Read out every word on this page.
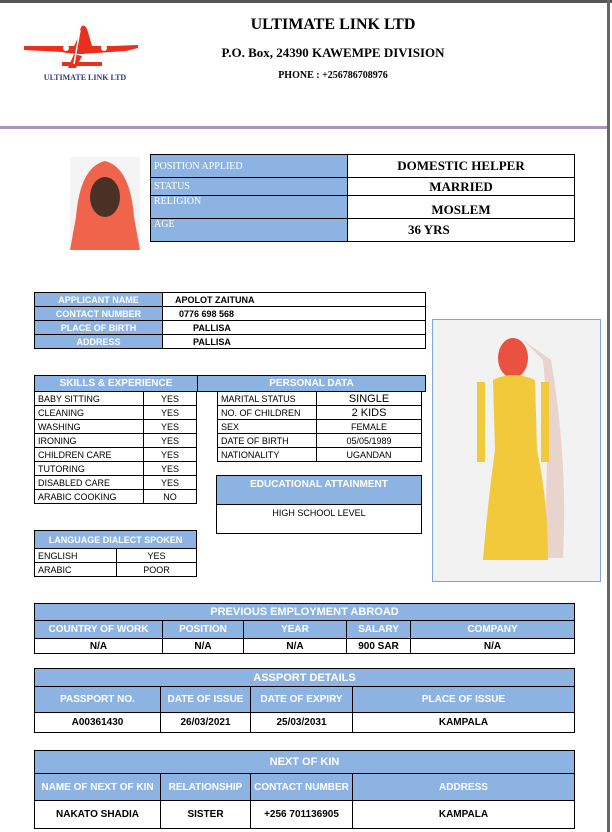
ULTIMATE LINK LTD
ULTIMATE LINK LTD
P.O. Box, 24390 KAWEMPE DIVISION
PHONE : +256786708976
POSITION APPLIED	DOMESTIC HELPER
STATUS	MARRIED
RELIGION	MOSLEM
AGE	36 YRS
APPLICANT NAME	APOLOT ZAITUNA
CONTACT NUMBER	0776 698 568
PLACE OF BIRTH	PALLISA
ADDRESS	PALLISA
SKILLS & EXPERIENCE	PERSONAL DATA
BABY SITTING	YES
CLEANING	YES
WASHING	YES
IRONING	YES
CHILDREN CARE	YES
TUTORING	YES
DISABLED CARE	YES
ARABIC COOKING	NO
MARITAL STATUS	SINGLE
NO. OF CHILDREN	2 KIDS
SEX	FEMALE
DATE OF BIRTH	05/05/1989
NATIONALITY	UGANDAN
EDUCATIONAL ATTAINMENT
HIGH SCHOOL LEVEL
LANGUAGE DIALECT SPOKEN	
ENGLISH	YES
ARABIC	POOR
PREVIOUS EMPLOYMENT ABROAD				
COUNTRY OF WORK	POSITION	YEAR	SALARY	COMPANY
N/A	N/A	N/A	900 SAR	N/A
ASSPORT DETAILS			
PASSPORT NO.	DATE OF ISSUE	DATE OF EXPIRY	PLACE OF ISSUE
A00361430	26/03/2021	25/03/2031	KAMPALA
NEXT OF KIN			
NAME OF NEXT OF KIN	RELATIONSHIP	CONTACT NUMBER	ADDRESS
NAKATO SHADIA	SISTER	+256 701136905	KAMPALA
